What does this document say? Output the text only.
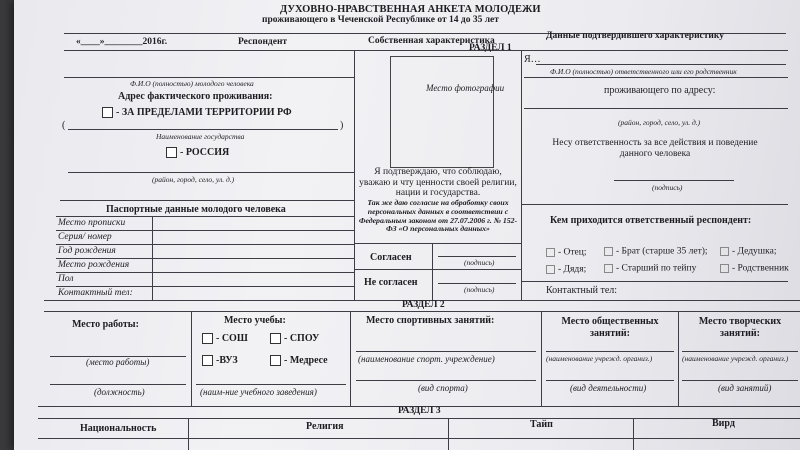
ДУХОВНО-НРАВСТВЕННАЯ АНКЕТА МОЛОДЕЖИ
проживающего в Чеченской Республике от 14 до 35 лет
«____»________2016г.	Респондент	Собственная характеристика	Данные подтвердившего характеристику
РАЗДЕЛ 1
Ф.И.О (полностью) молодого человека
Адрес фактического проживания:
- ЗА ПРЕДЕЛАМИ ТЕРРИТОРИИ РФ
(	)
Наименование государства
- РОССИЯ
(район, город, село, ул. д.)
Паспортные данные молодого человека
Место прописки
Серия/ номер
Год рождения
Место рождения
Пол
Контактный тел:
Место фотографии
Я подтверждаю, что соблюдаю, уважаю и чту ценности своей религии, нации и государства.
Так же даю согласие на обработку своих персональных данных в соответствии с Федеральным законом от 27.07.2006 г. № 152-ФЗ «О персональных данных»
Согласен	(подпись)
Не согласен
(подпись)
Я…
Ф.И.О (полностью) ответственного или его родственник
проживающего по адресу:
(район, город, село, ул. д.)
Несу ответственность за все действия и поведение данного человека
(подпись)
Кем приходится ответственный респондент:
- Отец;	- Брат (старше 35 лет);	- Дедушка;
- Дядя;	- Старший по тейпу	- Родственник
Контактный тел:
РАЗДЕЛ 2
Место работы:
(место работы)
(должность)
Место учебы:
- СОШ	- СПОУ
-ВУЗ	- Медресе
(наим-ние учебного заведения)
Место спортивных занятий:
(наименование спорт. учреждение)
(вид спорта)
Место общественных занятий:
(наименование учрежд. организ.)
(вид деятельности)
Место творческих занятий:
(наименование учрежд. организ.)
(вид занятий)
РАЗДЕЛ 3
Национальность	Религия	Тайп	Вирд
